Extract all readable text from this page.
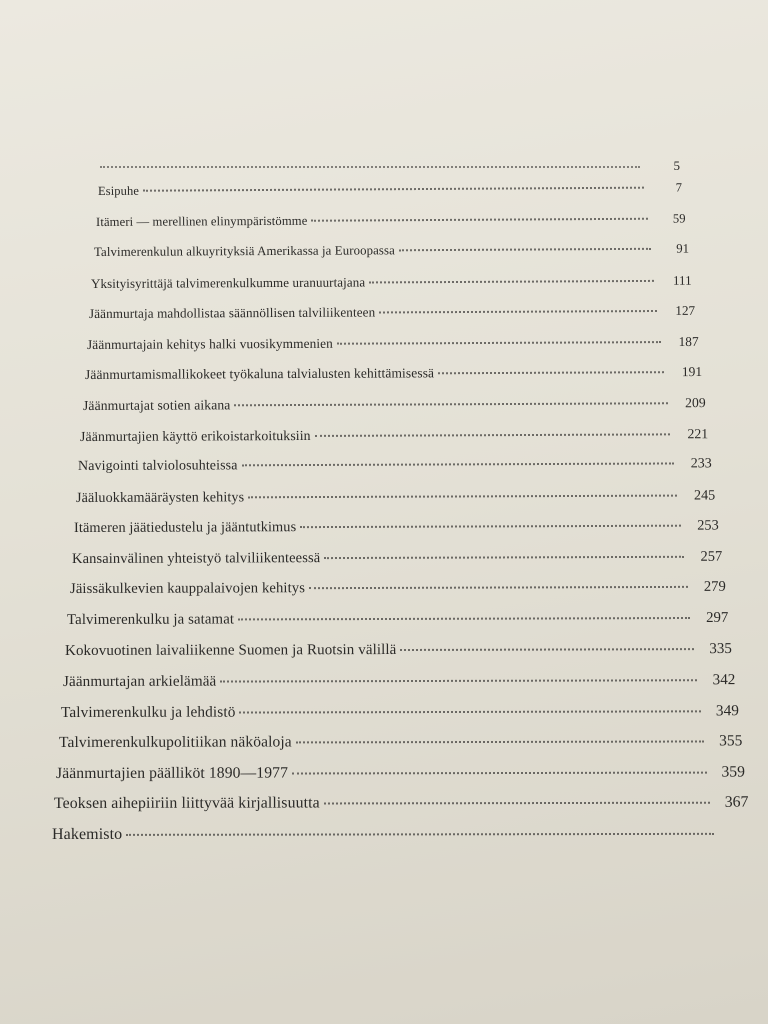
5
Esipuhe	7
Itämeri — merellinen elinympäristömme	59
Talvimerenkulun alkuyrityksiä Amerikassa ja Euroopassa	91
Yksityisyrittäjä talvimerenkulkumme uranuurtajana	111
Jäänmurtaja mahdollistaa säännöllisen talviliikenteen	127
Jäänmurtajain kehitys halki vuosikymmenien	187
Jäänmurtamismallikokeet työkaluna talvialusten kehittämisessä	191
Jäänmurtajat sotien aikana	209
Jäänmurtajien käyttö erikoistarkoituksiin	221
Navigointi talviolosuhteissa	233
Jääluokkamääräysten kehitys	245
Itämeren jäätiedustelu ja jääntutkimus	253
Kansainvälinen yhteistyö talviliikenteessä	257
Jäissäkulkevien kauppalaivojen kehitys	279
Talvimerenkulku ja satamat	297
Kokovuotinen laivaliikenne Suomen ja Ruotsin välillä	335
Jäänmurtajan arkielämää	342
Talvimerenkulku ja lehdistö	349
Talvimerenkulkupolitiikan näköaloja	355
Jäänmurtajien päälliköt 1890—1977	359
Teoksen aihepiiriin liittyvää kirjallisuutta	367
Hakemisto
